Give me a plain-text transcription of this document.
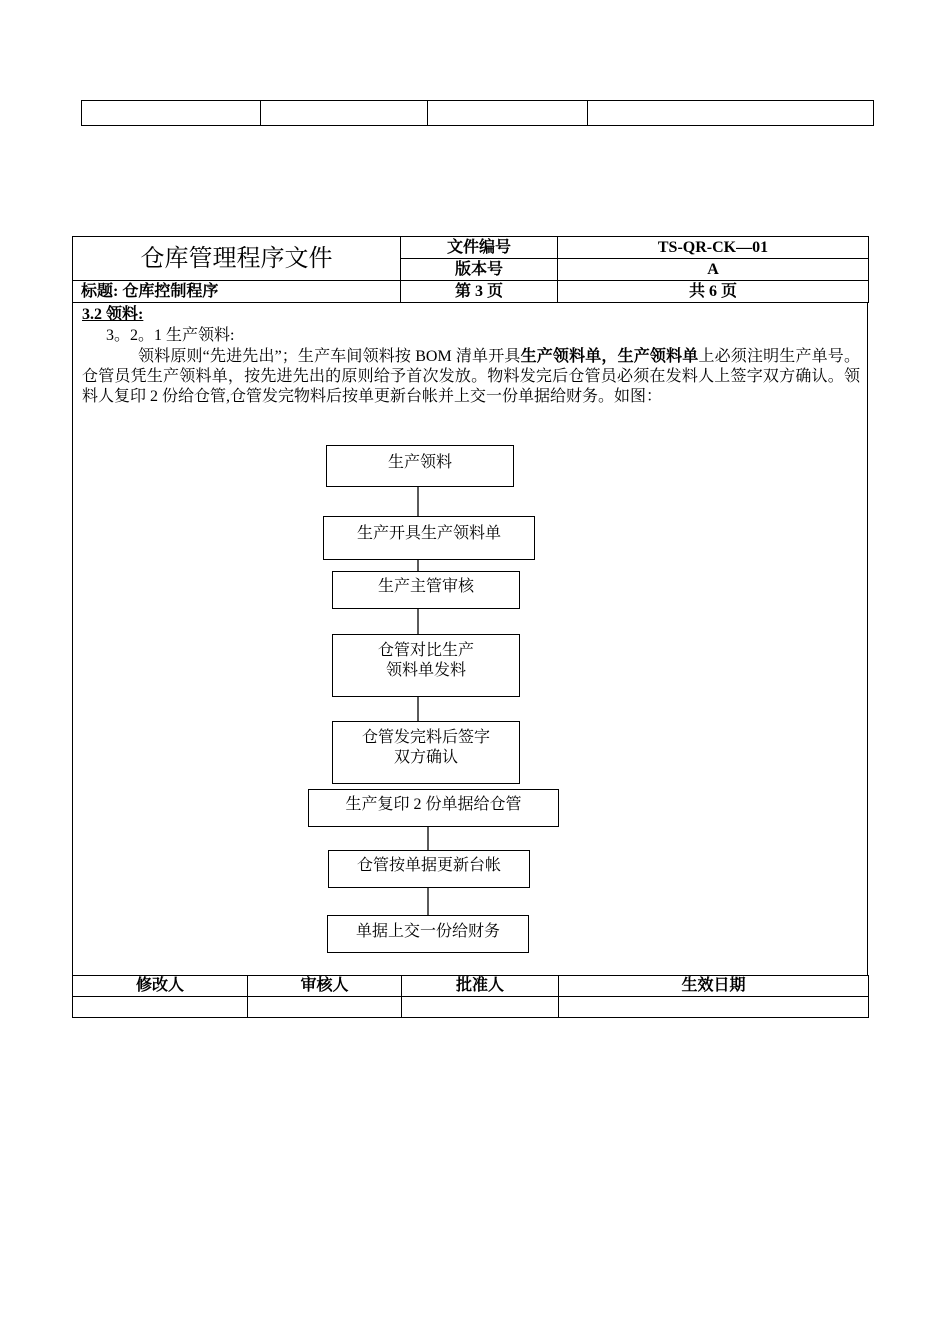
仓库管理程序文件	文件编号	TS-QR-CK—01
	版本号	A
标题: 仓库控制程序	第 3 页	共 6 页
3.2 领料:
3。2。1 生产领料:
领料原则“先进先出”；生产车间领料按 BOM 清单开具生产领料单，生产领料单上必须注明生产单号。仓管员凭生产领料单，按先进先出的原则给予首次发放。物料发完后仓管员必须在发料人上签字双方确认。领料人复印 2 份给仓管,仓管发完物料后按单更新台帐并上交一份单据给财务。如图：
生产领料
生产开具生产领料单
生产主管审核
仓管对比生产
领料单发料
仓管发完料后签字
双方确认
生产复印 2 份单据给仓管
仓管按单据更新台帐
单据上交一份给财务
修改人	审核人	批准人	生效日期
